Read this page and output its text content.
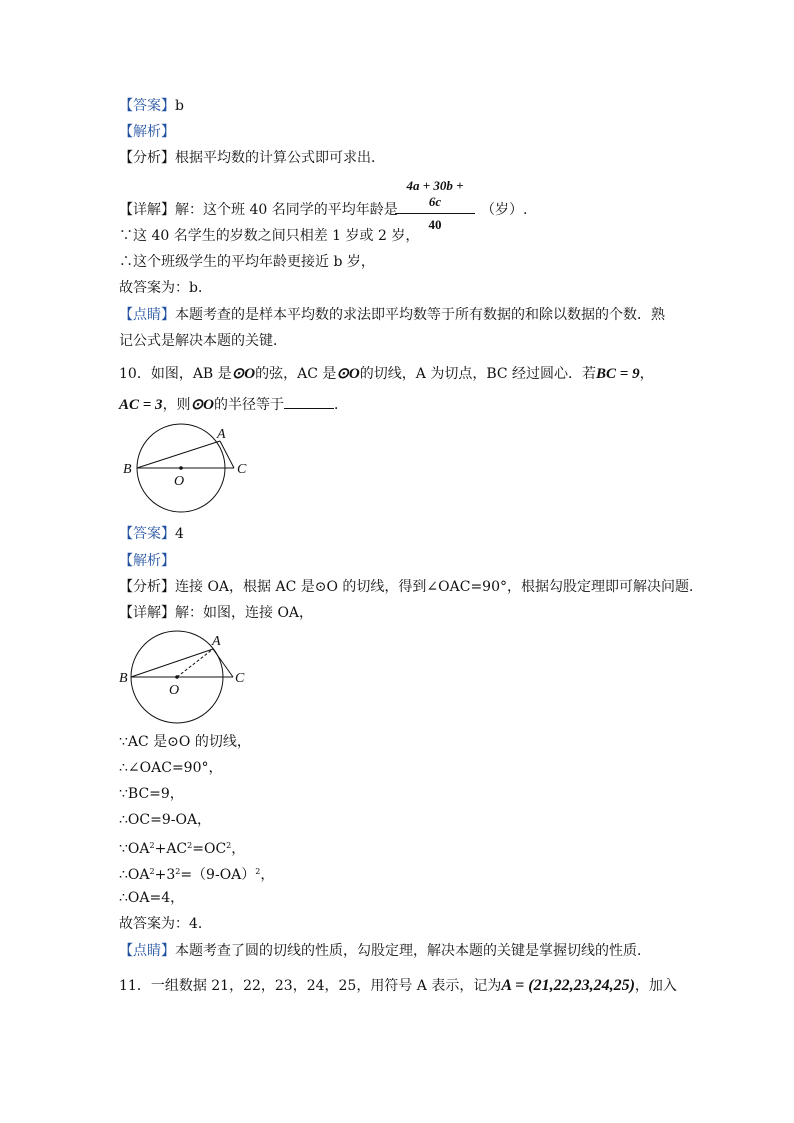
【答案】b
【解析】
【分析】根据平均数的计算公式即可求出．
4a + 30b + 6c
40
【详解】解：这个班 40 名同学的平均年龄是	（岁）.
∵这 40 名学生的岁数之间只相差 1 岁或 2 岁，
∴这个班级学生的平均年龄更接近 b 岁，
故答案为：b．
【点睛】本题考查的是样本平均数的求法即平均数等于所有数据的和除以数据的个数．熟
记公式是解决本题的关键．
10．如图，AB 是⊙O的弦，AC 是⊙O的切线，A 为切点，BC 经过圆心．若BC = 9，
AC = 3，则⊙O的半径等于	．
B
A
C
O
【答案】4
【解析】
【分析】连接 OA，根据 AC 是⊙O 的切线，得到∠OAC=90°，根据勾股定理即可解决问题．
【详解】解：如图，连接 OA，
B
A
C
O
∵AC 是⊙O 的切线，
∴∠OAC=90°，
∵BC=9，
∴OC=9-OA，
$\because OA^2+AC^2=OC^2$，
$\therefore OA^2+3^2=(9-OA)^2$，
∴OA=4，
故答案为：4．
【点睛】本题考查了圆的切线的性质，勾股定理，解决本题的关键是掌握切线的性质．
11．一组数据 21，22，23，24，25，用符号 A 表示，记为A = (21,22,23,24,25)，加入
